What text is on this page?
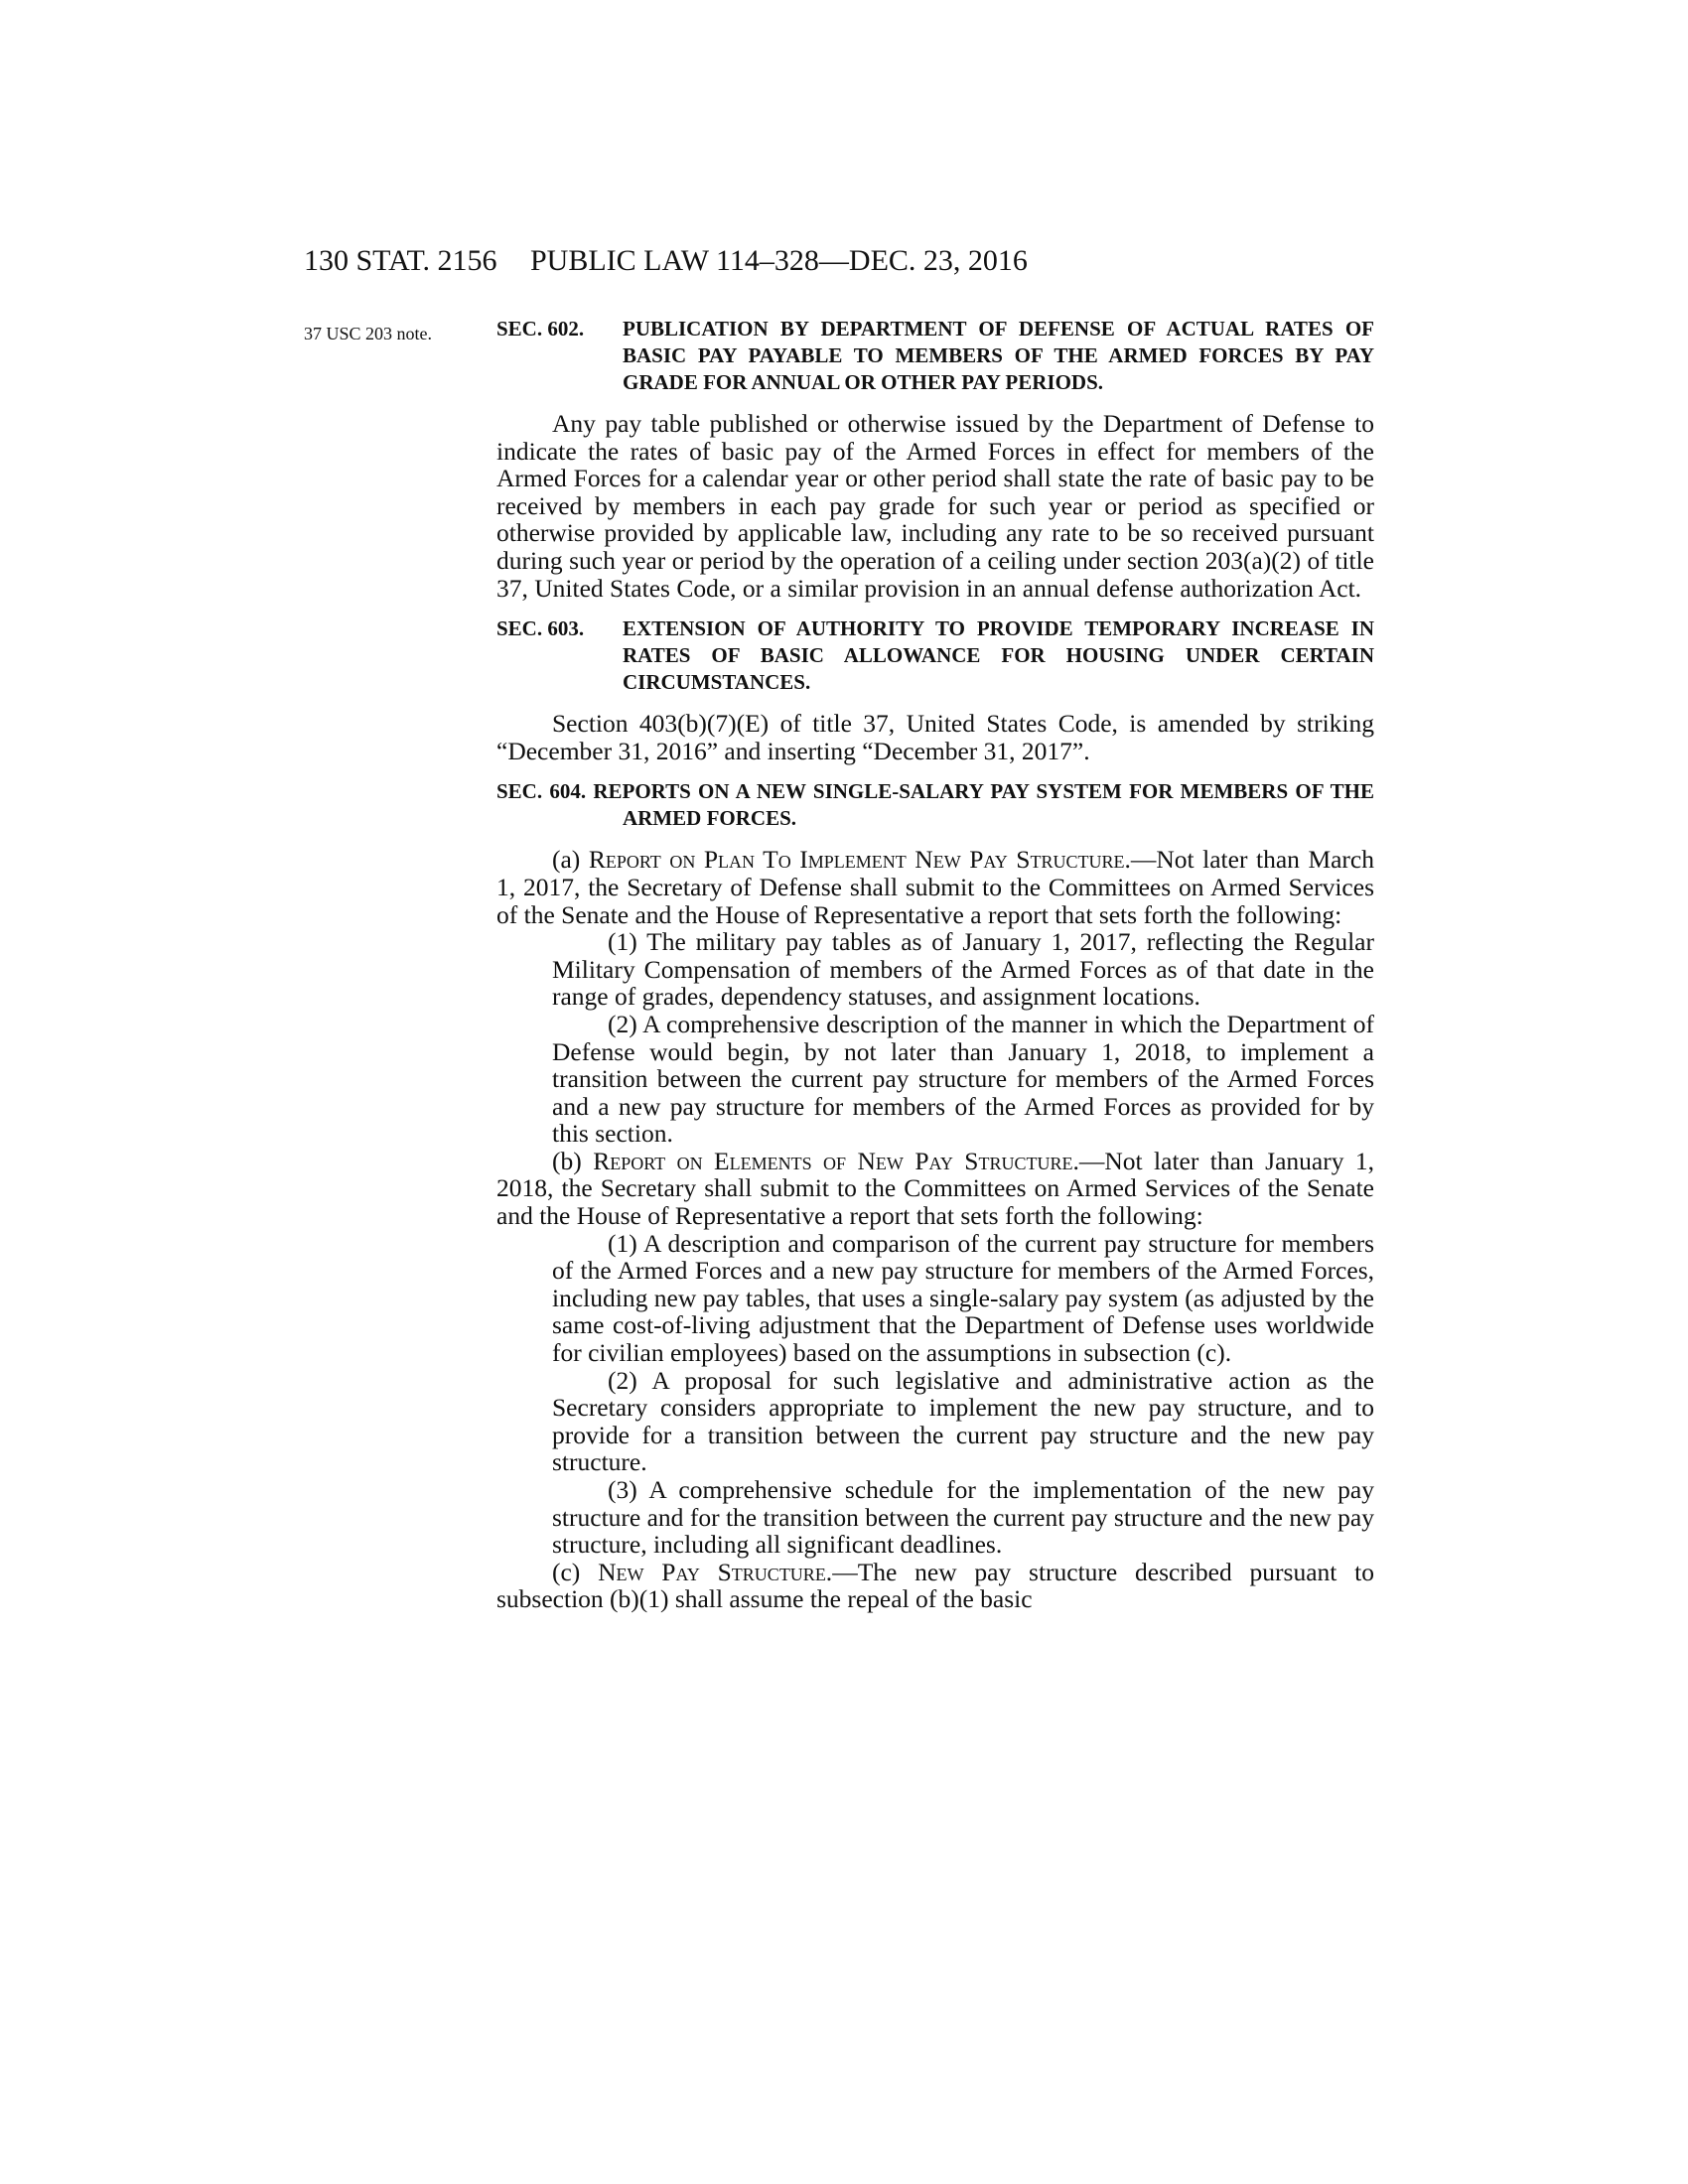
130 STAT. 2156 PUBLIC LAW 114–328—DEC. 23, 2016
37 USC 203 note.	SEC. 602.	PUBLICATION BY DEPARTMENT OF DEFENSE OF ACTUAL RATES OF BASIC PAY PAYABLE TO MEMBERS OF THE ARMED FORCES BY PAY GRADE FOR ANNUAL OR OTHER PAY PERIODS.

Any pay table published or otherwise issued by the Department of Defense to indicate the rates of basic pay of the Armed Forces in effect for members of the Armed Forces for a calendar year or other period shall state the rate of basic pay to be received by members in each pay grade for such year or period as specified or otherwise provided by applicable law, including any rate to be so received pursuant during such year or period by the operation of a ceiling under section 203(a)(2) of title 37, United States Code, or a similar provision in an annual defense authorization Act.

SEC. 603.	EXTENSION OF AUTHORITY TO PROVIDE TEMPORARY INCREASE IN RATES OF BASIC ALLOWANCE FOR HOUSING UNDER CERTAIN CIRCUMSTANCES.

Section 403(b)(7)(E) of title 37, United States Code, is amended by striking “December 31, 2016” and inserting “December 31, 2017”.

SEC. 604. REPORTS ON A NEW SINGLE-SALARY PAY SYSTEM FOR MEMBERS OF THE ARMED FORCES.

(a) Report on Plan To Implement New Pay Structure.—Not later than March 1, 2017, the Secretary of Defense shall submit to the Committees on Armed Services of the Senate and the House of Representative a report that sets forth the following:

(1) The military pay tables as of January 1, 2017, reflecting the Regular Military Compensation of members of the Armed Forces as of that date in the range of grades, dependency statuses, and assignment locations.

(2) A comprehensive description of the manner in which the Department of Defense would begin, by not later than January 1, 2018, to implement a transition between the current pay structure for members of the Armed Forces and a new pay structure for members of the Armed Forces as provided for by this section.

(b) Report on Elements of New Pay Structure.—Not later than January 1, 2018, the Secretary shall submit to the Committees on Armed Services of the Senate and the House of Representative a report that sets forth the following:

(1) A description and comparison of the current pay structure for members of the Armed Forces and a new pay structure for members of the Armed Forces, including new pay tables, that uses a single-salary pay system (as adjusted by the same cost-of-living adjustment that the Department of Defense uses worldwide for civilian employees) based on the assumptions in subsection (c).

(2) A proposal for such legislative and administrative action as the Secretary considers appropriate to implement the new pay structure, and to provide for a transition between the current pay structure and the new pay structure.

(3) A comprehensive schedule for the implementation of the new pay structure and for the transition between the current pay structure and the new pay structure, including all significant deadlines.

(c) New Pay Structure.—The new pay structure described pursuant to subsection (b)(1) shall assume the repeal of the basic
